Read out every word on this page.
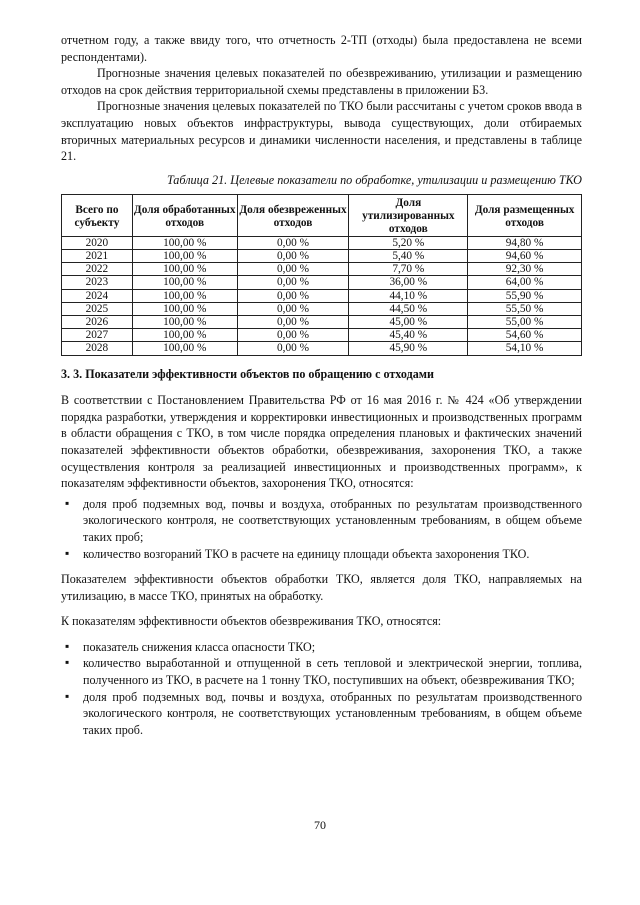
отчетном году, а также ввиду того, что отчетность 2-ТП (отходы) была предоставлена не всеми респондентами).

Прогнозные значения целевых показателей по обезвреживанию, утилизации и размещению отходов на срок действия территориальной схемы представлены в приложении Б3.

Прогнозные значения целевых показателей по ТКО были рассчитаны с учетом сроков ввода в эксплуатацию новых объектов инфраструктуры, вывода существующих, доли отбираемых вторичных материальных ресурсов и динамики численности населения, и представлены в таблице 21.

Таблица 21. Целевые показатели по обработке, утилизации и размещению ТКО

Всего по субъекту	Доля обработанных отходов	Доля обезвреженных отходов	Доля утилизированных отходов	Доля размещенных отходов
2020	100,00 %	0,00 %	5,20 %	94,80 %
2021	100,00 %	0,00 %	5,40 %	94,60 %
2022	100,00 %	0,00 %	7,70 %	92,30 %
2023	100,00 %	0,00 %	36,00 %	64,00 %
2024	100,00 %	0,00 %	44,10 %	55,90 %
2025	100,00 %	0,00 %	44,50 %	55,50 %
2026	100,00 %	0,00 %	45,00 %	55,00 %
2027	100,00 %	0,00 %	45,40 %	54,60 %
2028	100,00 %	0,00 %	45,90 %	54,10 %

3. 3. Показатели эффективности объектов по обращению с отходами

В соответствии с Постановлением Правительства РФ от 16 мая 2016 г. № 424 «Об утверждении порядка разработки, утверждения и корректировки инвестиционных и производственных программ в области обращения с ТКО, в том числе порядка определения плановых и фактических значений показателей эффективности объектов обработки, обезвреживания, захоронения ТКО, а также осуществления контроля за реализацией инвестиционных и производственных программ», к показателям эффективности объектов, захоронения ТКО, относятся:

▪ доля проб подземных вод, почвы и воздуха, отобранных по результатам производственного экологического контроля, не соответствующих установленным требованиям, в общем объеме таких проб;
▪ количество возгораний ТКО в расчете на единицу площади объекта захоронения ТКО.

Показателем эффективности объектов обработки ТКО, является доля ТКО, направляемых на утилизацию, в массе ТКО, принятых на обработку.

К показателям эффективности объектов обезвреживания ТКО, относятся:

▪ показатель снижения класса опасности ТКО;
▪ количество выработанной и отпущенной в сеть тепловой и электрической энергии, топлива, полученного из ТКО, в расчете на 1 тонну ТКО, поступивших на объект, обезвреживания ТКО;
▪ доля проб подземных вод, почвы и воздуха, отобранных по результатам производственного экологического контроля, не соответствующих установленным требованиям, в общем объеме таких проб.
70
